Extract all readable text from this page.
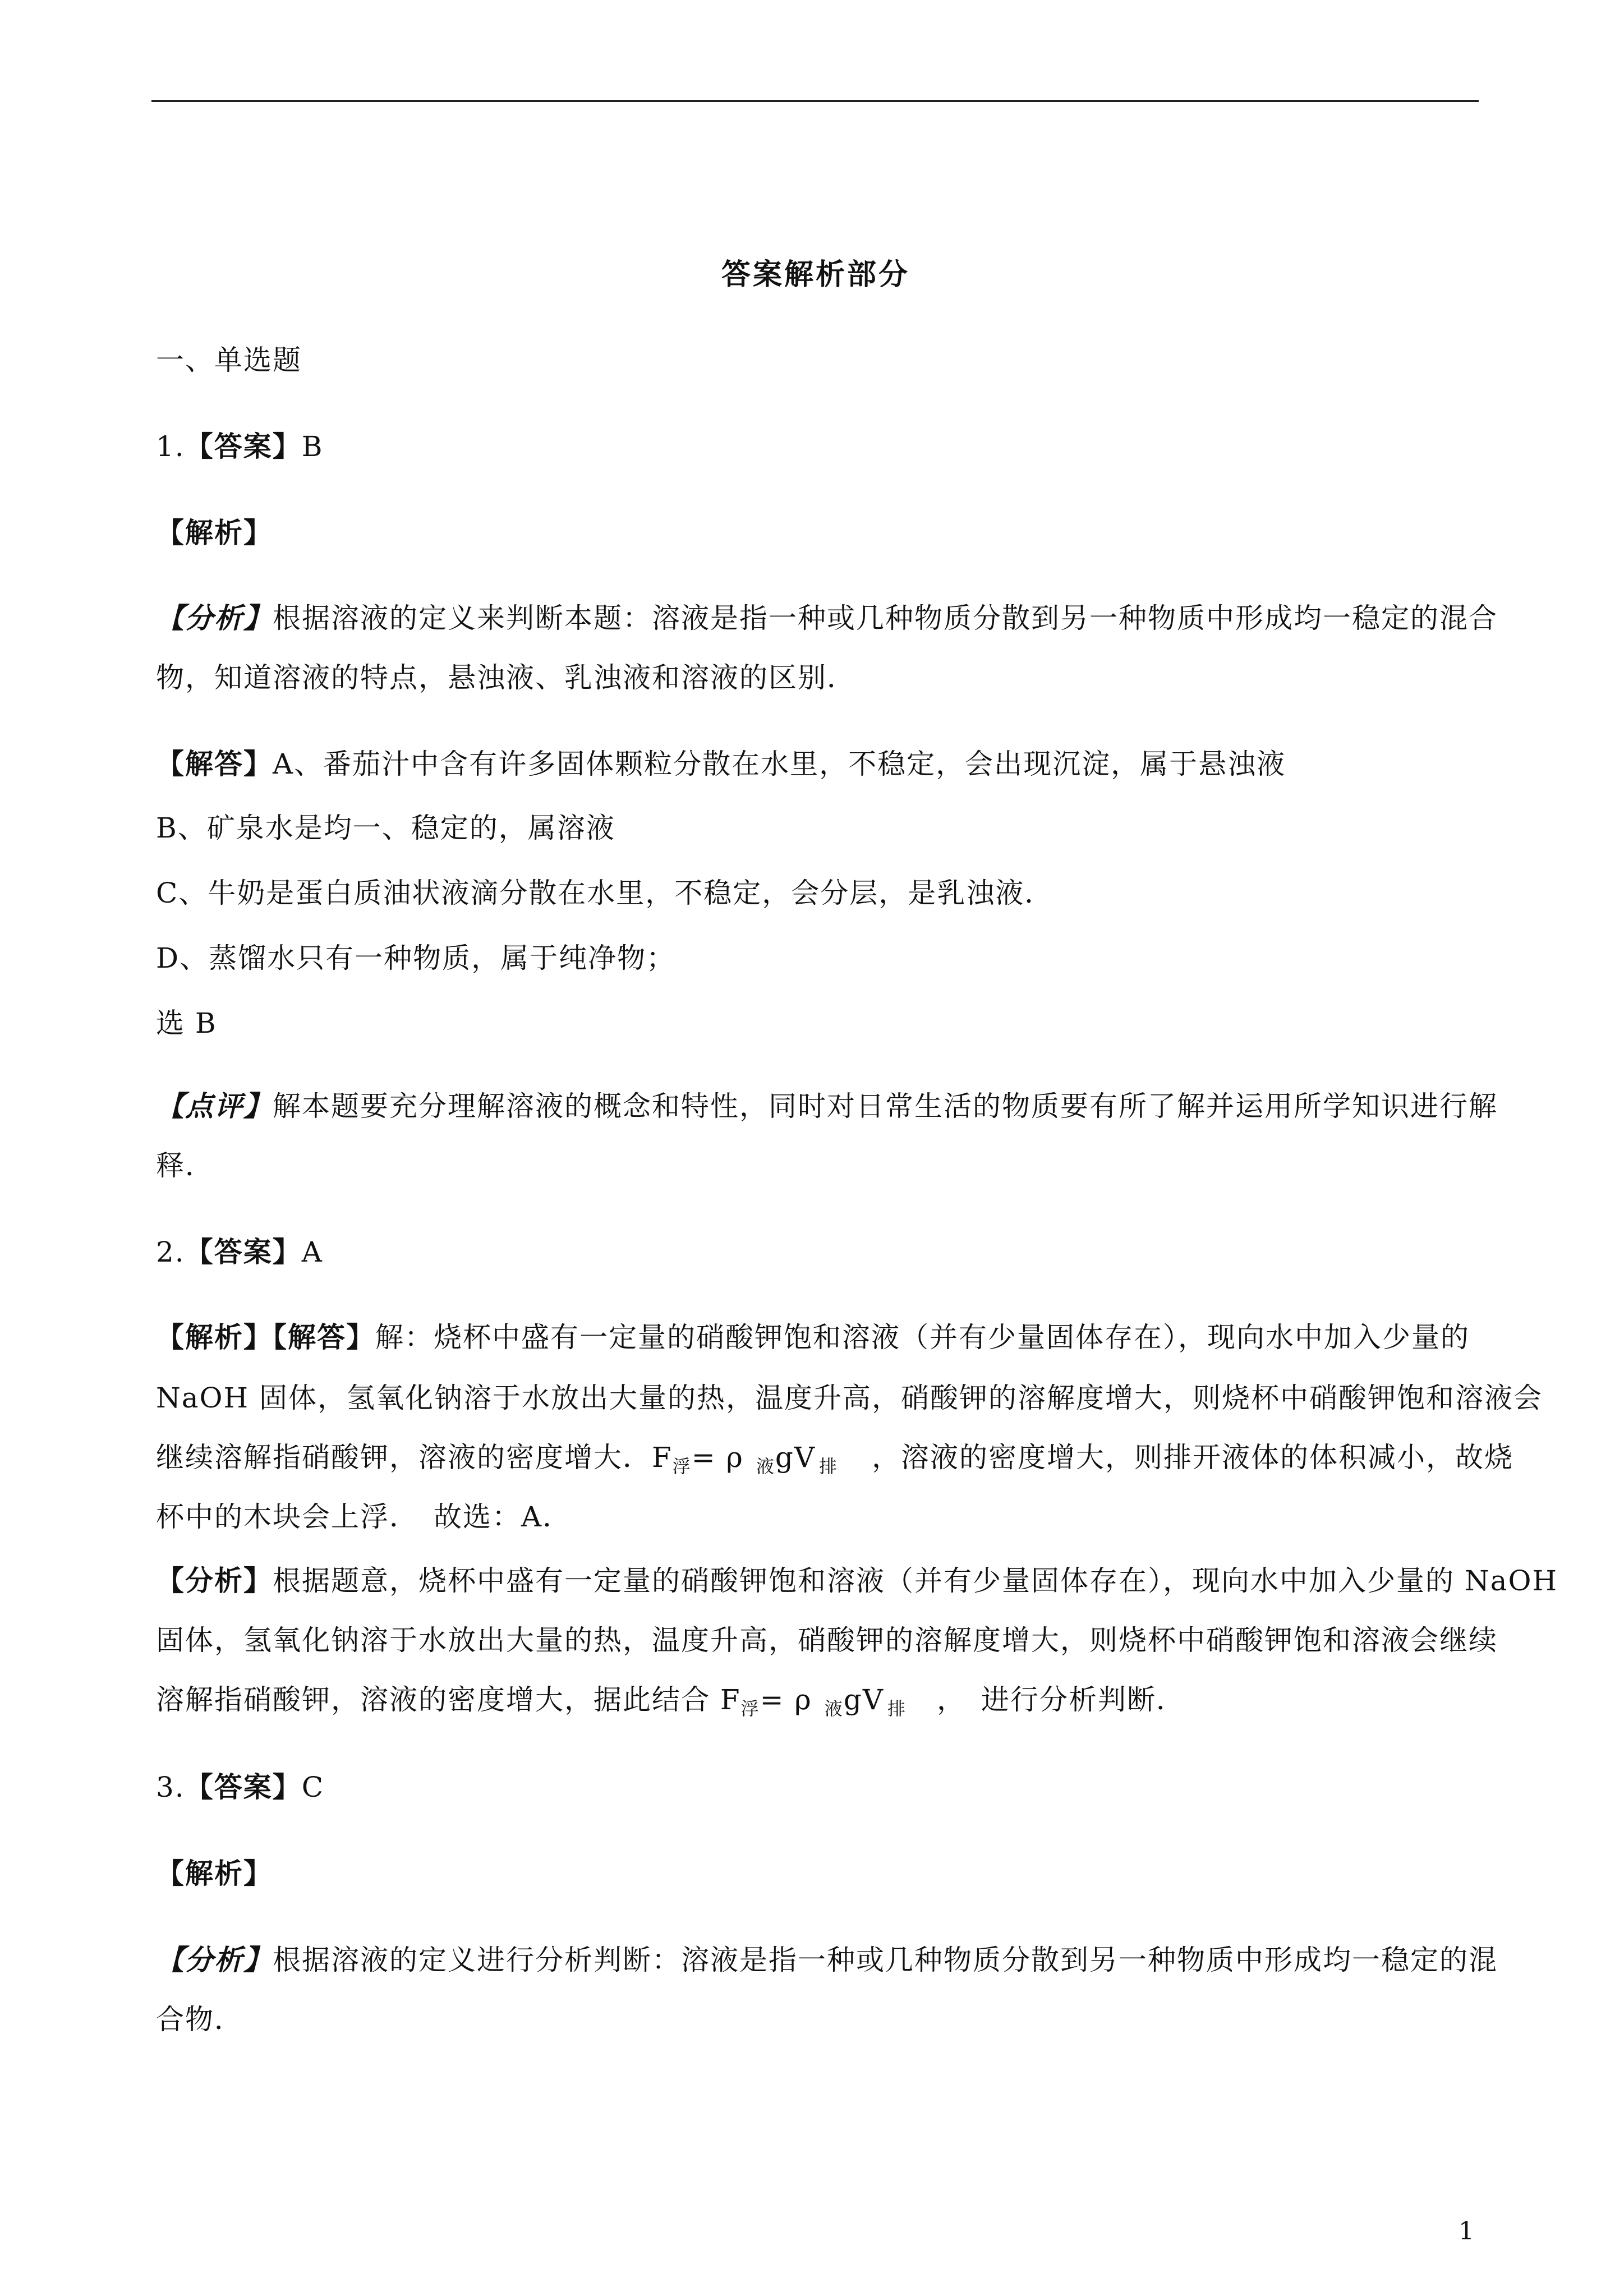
答案解析部分
一、单选题
1.【答案】B
【解析】
【分析】根据溶液的定义来判断本题：溶液是指一种或几种物质分散到另一种物质中形成均一稳定的混合
物，知道溶液的特点，悬浊液、乳浊液和溶液的区别．
【解答】A、番茄汁中含有许多固体颗粒分散在水里，不稳定，会出现沉淀，属于悬浊液
B、矿泉水是均一、稳定的，属溶液
C、牛奶是蛋白质油状液滴分散在水里，不稳定，会分层，是乳浊液．
D、蒸馏水只有一种物质，属于纯净物；
选 B
【点评】解本题要充分理解溶液的概念和特性，同时对日常生活的物质要有所了解并运用所学知识进行解
释．
2.【答案】A
【解析】【解答】解：烧杯中盛有一定量的硝酸钾饱和溶液（并有少量固体存在），现向水中加入少量的
NaOH 固体，氢氧化钠溶于水放出大量的热，温度升高，硝酸钾的溶解度增大，则烧杯中硝酸钾饱和溶液会
继续溶解指硝酸钾，溶液的密度增大．$F_浮= \rho$ $_液$gV $_排$ ，溶液的密度增大，则排开液体的体积减小，故烧
杯中的木块会上浮．　故选：A．
【分析】根据题意，烧杯中盛有一定量的硝酸钾饱和溶液（并有少量固体存在），现向水中加入少量的 NaOH
固体，氢氧化钠溶于水放出大量的热，温度升高，硝酸钾的溶解度增大，则烧杯中硝酸钾饱和溶液会继续
溶解指硝酸钾，溶液的密度增大，据此结合 $F_浮= \rho$ $_液$gV $_排$ ，　进行分析判断．
3.【答案】C
【解析】
【分析】根据溶液的定义进行分析判断：溶液是指一种或几种物质分散到另一种物质中形成均一稳定的混
合物．
1
